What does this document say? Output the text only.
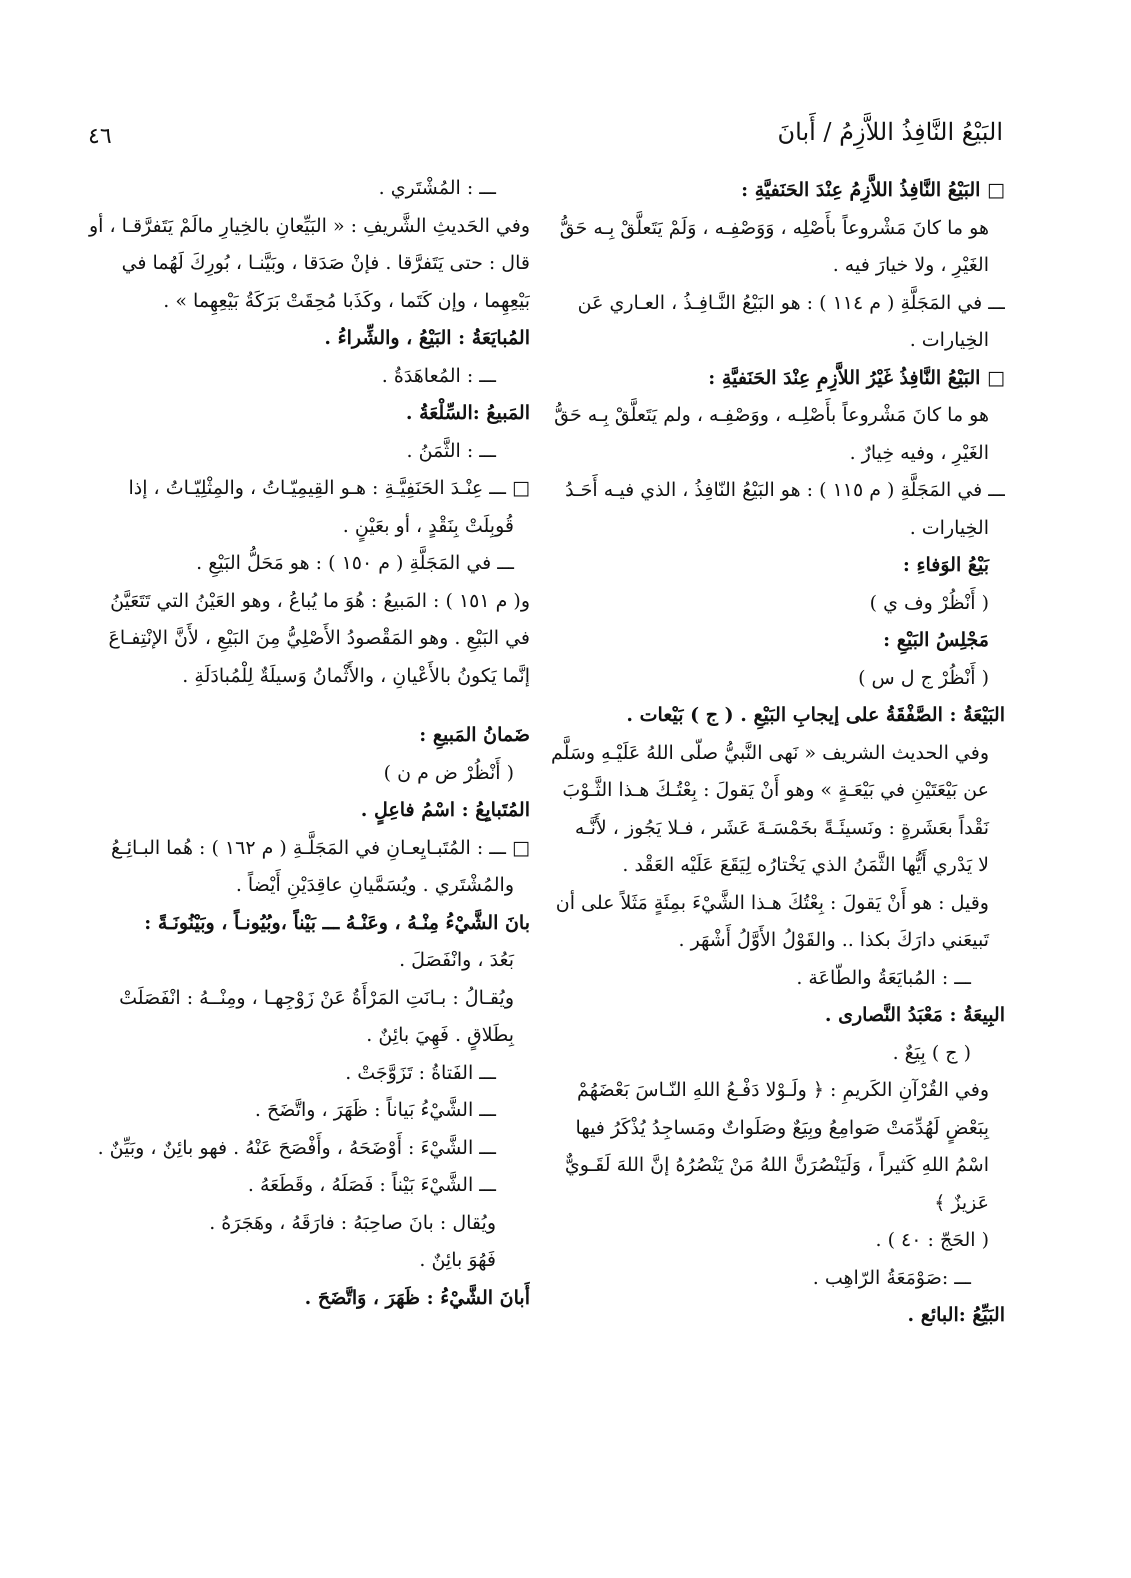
٤٦	البَيْعُ النَّافِذُ اللاَّزِمُ / أَبانَ
□ البَيْعُ النَّافِذُ اللاَّزِمُ عِنْدَ الحَنَفيَّةِ :
هو ما كانَ مَشْروعاً بأَصْلِه ، وَوَصْفِـه ، وَلَمْ يَتَعلَّقْ بِـه حَقُّ
الغَيْرِ ، ولا خيارَ فيه .
ـــ في المَجَلَّةِ ( م ١١٤ ) : هو البَيْعُ النَّـافِـذُ ، العـاري عَن
الخِيارات .
□ البَيْعُ النَّافِذُ غَيْرُ اللاَّزِمِ عِنْدَ الحَنَفيَّةِ :
هو ما كانَ مَشْروعاً بأَصْلِـه ، ووَصْفِـه ، ولم يَتَعلَّقْ بِـه حَقُّ
الغَيْرِ ، وفيه خِيارٌ .
ـــ في المَجَلَّةِ ( م ١١٥ ) : هو البَيْعُ النّافِذُ ، الذي فيـه أَحَـدُ
الخِيارات .
بَيْعُ الوَفاءِ :
( أَنْظُرْ وف ي )
مَجْلِسُ البَيْعِ :
( أَنْظُرْ ج ل س )
البَيْعَةُ : الصَّفْقَةُ على إيجابِ البَيْعِ . ( ج ) بَيْعات .
وفي الحديث الشريف « نَهى النَّبيُّ صلّى اللهُ عَلَيْـهِ وسَلَّم
عن بَيْعَتَيْنِ في بَيْعَـةٍ » وهو أَنْ يَقولَ : بِعْتُـكَ هـذا الثَّـوْبَ
نَقْداً بعَشَرةٍ : ونَسيئَـةً بخَمْسَـةَ عَشَر ، فـلا يَجُوز ، لأَنَّـه
لا يَدْري أَيُّها الثَّمَنُ الذي يَخْتارُه لِيَقَعَ عَلَيْه العَقْد .
وقيل : هو أَنْ يَقولَ : بِعْتُكَ هـذا الشَّيْءَ بمِئَةٍ مَثَلاً على أن
تَبيعَني دارَكَ بكذا .. والقَوْلُ الأَوَّلُ أَشْهَر .
ـــ : المُبايَعَةُ والطّاعَة .
البِيعَةُ : مَعْبَدُ النَّصارى .
( ج ) بِيَعٌ .
وفي القُرْآنِ الكَريمِ : ﴿ ولَـوْلا دَفْـعُ اللهِ النّـاسَ بَعْضَهُمْ
بِبَعْضٍ لَهُدِّمَتْ صَوامِعُ وبِيَعٌ وصَلَواتٌ ومَساجِدُ يُذْكَرُ فيها
اسْمُ اللهِ كَثيراً ، وَلَيَنْصُرَنَّ اللهُ مَنْ يَنْصُرُهُ إنَّ اللهَ لَقَـويٌّ
عَزيزٌ ﴾
( الحَجّ : ٤٠ ) .
ـــ :صَوْمَعَةُ الرّاهِب .
البَيِّعُ :البائع .
ـــ : المُشْتَري .
وفي الحَديثِ الشَّريفِ : « البَيِّعانِ بالخِيارِ مالَمْ يَتَفرَّقـا ، أو
قال : حتى يَتَفرَّقا . فإنْ صَدَقا ، وبَيَّنـا ، بُورِكَ لَهُما في
بَيْعِهِما ، وإن كَتَما ، وكَذَبا مُحِقَتْ بَرَكَةُ بَيْعِهِما » .
المُبايَعَةُ : البَيْعُ ، والشِّراءُ .
ـــ : المُعاهَدَةُ .
المَبيعُ :السِّلْعَةُ .
ـــ : الثَّمَنُ .
□ ـــ عِنْـدَ الحَنَفِيَّـةِ : هـو القِيمِيّـاتُ ، والمِثْلِيّـاتُ ، إذا
قُوبِلَتْ بِنَقْدٍ ، أو بعَيْنٍ .
ـــ في المَجَلَّةِ ( م ١٥٠ ) : هو مَحَلُّ البَيْعِ .
و( م ١٥١ ) : المَبيعُ : هُوَ ما يُباعُ ، وهو العَيْنُ التي تَتَعَيَّنُ
في البَيْعِ . وهو المَقْصودُ الأَصْلِيُّ مِنَ البَيْعِ ، لأَنَّ الإنْتِفـاعَ
إنَّما يَكونُ بالأَعْيانِ ، والأَثْمانُ وَسيلَةٌ لِلْمُبادَلَةِ .
ضَمانُ المَبيعِ :
( أَنْظُرْ ض م ن )
المُتَبايِعُ : اسْمُ فاعِلٍ .
□ ـــ : المُتَبـايِعـانِ في المَجَلَّـةِ ( م ١٦٢ ) : هُما البـائِـعُ
والمُشْتَري . ويُسَمَّيانِ عاقِدَيْنِ أَيْضاً .
بانَ الشَّيْءُ مِنْـهُ ، وعَنْـهُ ـــ بَيْناً ،وبُيُونـاً ، وبَيْنُونَـةً :
بَعُدَ ، وانْفَصَلَ .
ويُقـالُ : بـانَتِ المَرْأَةُ عَنْ زَوْجِهـا ، ومِنْــهُ : انْفَصَلَتْ
بِطَلاقٍ . فَهِيَ بائِنٌ .
ـــ الفَتاةُ : تَزَوَّجَتْ .
ـــ الشَّيْءُ بَياناً : ظَهَرَ ، واتَّضَحَ .
ـــ الشَّيْءَ : أَوْضَحَهُ ، وأَفْصَحَ عَنْهُ . فهو بائِنٌ ، وبَيِّنٌ .
ـــ الشَّيْءَ بَيْناً : فَصَلَهُ ، وقَطَعَهُ .
ويُقال : بانَ صاحِبَهُ : فارَقَهُ ، وهَجَرَهُ .
فَهُوَ بائِنٌ .
أَبانَ الشَّيْءُ : ظَهَرَ ، وَاتَّضَحَ .
